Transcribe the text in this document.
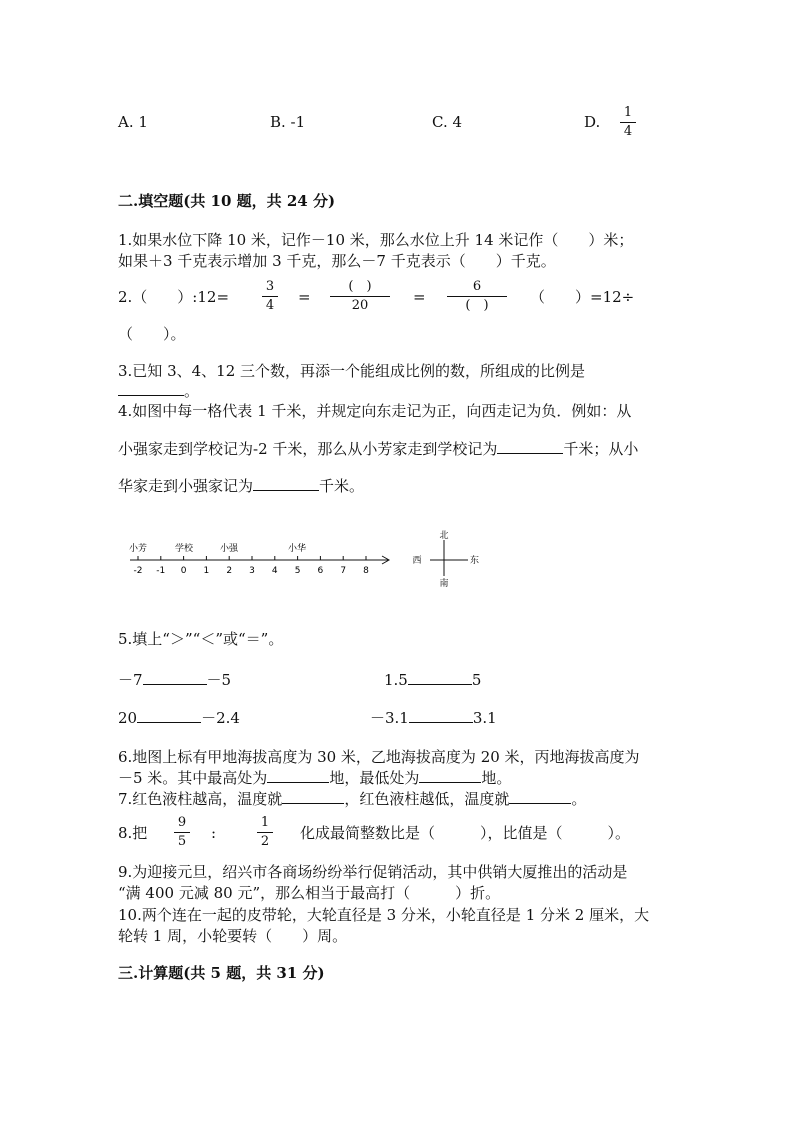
A. 1	B. -1	C. 4	D.
1
4
二.填空题(共 10 题，共 24 分)
1.如果水位下降 10 米，记作－10 米，那么水位上升 14 米记作（　　）米；
如果＋3 千克表示增加 3 千克，那么－7 千克表示（　　）千克。
2.（　　）:12=
3
4 =
(　)
20	=
6
(　)	（　　）=12÷
（　　）。
3.已知 3、4、12 三个数，再添一个能组成比例的数，所组成的比例是
。
4.如图中每一格代表 1 千米，并规定向东走记为正，向西走记为负．例如：从
小强家走到学校记为-2 千米，那么从小芳家走到学校记为	千米；从小
华家走到小强家记为	千米。
-2 -1 0 1 2 3 4 5 6 7 8
小芳	学校	小强	小华
北
南
西	东
5.填上“＞”“＜”或“＝”。
－7	－5	1.5	5
20	－2.4	－3.1	3.1
6.地图上标有甲地海拔高度为 30 米，乙地海拔高度为 20 米，丙地海拔高度为
－5 米。其中最高处为	地，最低处为	地。
7.红色液柱越高，温度就	，红色液柱越低，温度就	。
8.把
9
5 :
1
2 化成最简整数比是（　　　），比值是（　　　）。
9.为迎接元旦，绍兴市各商场纷纷举行促销活动，其中供销大厦推出的活动是
“满 400 元减 80 元”，那么相当于最高打（　　　）折。
10.两个连在一起的皮带轮，大轮直径是 3 分米，小轮直径是 1 分米 2 厘米，大
轮转 1 周，小轮要转（　　）周。
三.计算题(共 5 题，共 31 分)
